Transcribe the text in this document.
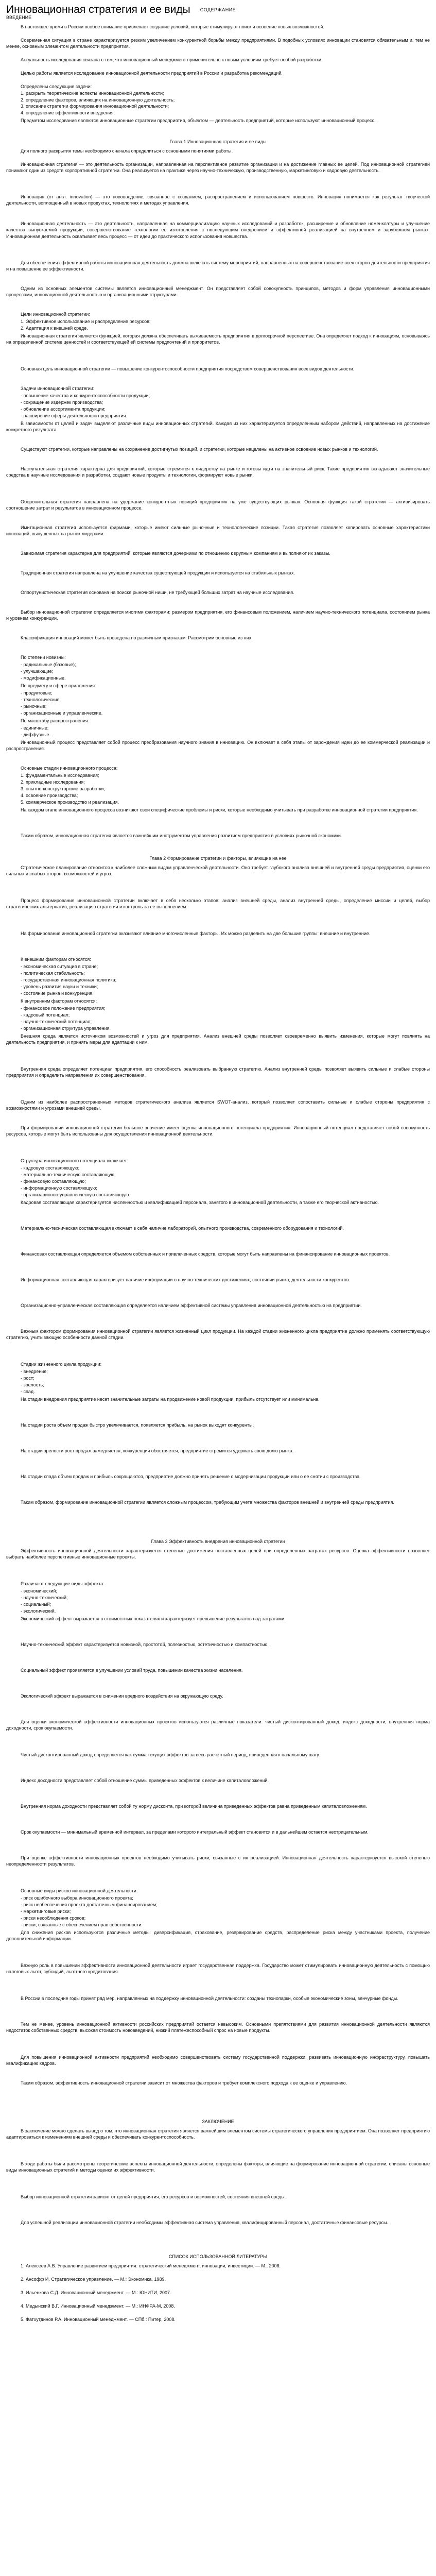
Инновационная стратегия и ее виды	СОДЕРЖАНИЕ
ВВЕДЕНИЕ
В настоящее время в России особое внимание привлекает создание условий, которые стимулируют поиск и освоение новых возможностей.
Современная ситуация в стране характеризуется резким увеличением конкурентной борьбы между предприятиями. В подобных условиях инновации становятся обязательным и, тем не менее, основным элементом деятельности предприятия.
Актуальность исследования связана с тем, что инновационный менеджмент применительно к новым условиям требует особой разработки.
Целью работы является исследование инновационной деятельности предприятий в России и разработка рекомендаций.
Определены следующие задачи:
1. раскрыть теоретические аспекты инновационной деятельности;
2. определение факторов, влияющих на инновационную деятельность;
3. описание стратегии формирования инновационной деятельности;
4. определение эффективности внедрения.
Предметом исследования являются инновационные стратегии предприятия, объектом — деятельность предприятий, которые используют инновационный процесс.
Глава 1 Инновационная стратегия и ее виды
Для полного раскрытия темы необходимо сначала определиться с основными понятиями работы.
Инновационная стратегия — это деятельность организации, направленная на перспективное развитие организации и на достижение главных ее целей. Под инновационной стратегией понимают один из средств корпоративной стратегии. Она реализуется на практике через научно-техническую, производственную, маркетинговую и кадровую деятельность.
Инновация (от англ. innovation) — это нововведение, связанное с созданием, распространением и использованием новшеств. Инновация понимается как результат творческой деятельности, воплощенный в новых продуктах, технологиях и методах управления.
Инновационная деятельность — это деятельность, направленная на коммерциализацию научных исследований и разработок, расширение и обновление номенклатуры и улучшение качества выпускаемой продукции, совершенствование технологии ее изготовления с последующим внедрением и эффективной реализацией на внутреннем и зарубежном рынках. Инновационная деятельность охватывает весь процесс — от идеи до практического использования новшества.
Для обеспечения эффективной работы инновационная деятельность должна включать систему мероприятий, направленных на совершенствование всех сторон деятельности предприятия и на повышение ее эффективности.
Одним из основных элементов системы является инновационный менеджмент. Он представляет собой совокупность принципов, методов и форм управления инновационными процессами, инновационной деятельностью и организационными структурами.
Цели инновационной стратегии:
1. Эффективное использование и распределение ресурсов;
2. Адаптация к внешней среде.
Инновационная стратегия является функцией, которая должна обеспечивать выживаемость предприятия в долгосрочной перспективе. Она определяет подход к инновациям, основываясь на определенной системе ценностей и соответствующей ей системы предпочтений и приоритетов.
Основная цель инновационной стратегии — повышение конкурентоспособности предприятия посредством совершенствования всех видов деятельности.
Задачи инновационной стратегии:
- повышение качества и конкурентоспособности продукции;
- сокращение издержек производства;
- обновление ассортимента продукции;
- расширение сферы деятельности предприятия.
В зависимости от целей и задач выделяют различные виды инновационных стратегий. Каждая из них характеризуется определенным набором действий, направленных на достижение конкретного результата.
Существуют стратегии, которые направлены на сохранение достигнутых позиций, и стратегии, которые нацелены на активное освоение новых рынков и технологий.
Наступательная стратегия характерна для предприятий, которые стремятся к лидерству на рынке и готовы идти на значительный риск. Такие предприятия вкладывают значительные средства в научные исследования и разработки, создают новые продукты и технологии, формируют новые рынки.
Оборонительная стратегия направлена на удержание конкурентных позиций предприятия на уже существующих рынках. Основная функция такой стратегии — активизировать соотношение затрат и результатов в инновационном процессе.
Имитационная стратегия используется фирмами, которые имеют сильные рыночные и технологические позиции. Такая стратегия позволяет копировать основные характеристики инноваций, выпущенных на рынок лидерами.
Зависимая стратегия характерна для предприятий, которые являются дочерними по отношению к крупным компаниям и выполняют их заказы.
Традиционная стратегия направлена на улучшение качества существующей продукции и используется на стабильных рынках.
Оппортунистическая стратегия основана на поиске рыночной ниши, не требующей больших затрат на научные исследования.
Выбор инновационной стратегии определяется многими факторами: размером предприятия, его финансовым положением, наличием научно-технического потенциала, состоянием рынка и уровнем конкуренции.
Классификация инноваций может быть проведена по различным признакам. Рассмотрим основные из них.
По степени новизны:
- радикальные (базовые);
- улучшающие;
- модификационные.
По предмету и сфере приложения:
- продуктовые;
- технологические;
- рыночные;
- организационные и управленческие.
По масштабу распространения:
- единичные;
- диффузные.
Инновационный процесс представляет собой процесс преобразования научного знания в инновацию. Он включает в себя этапы от зарождения идеи до ее коммерческой реализации и распространения.
Основные стадии инновационного процесса:
1. фундаментальные исследования;
2. прикладные исследования;
3. опытно-конструкторские разработки;
4. освоение производства;
5. коммерческое производство и реализация.
На каждом этапе инновационного процесса возникают свои специфические проблемы и риски, которые необходимо учитывать при разработке инновационной стратегии предприятия.
Таким образом, инновационная стратегия является важнейшим инструментом управления развитием предприятия в условиях рыночной экономики.
Глава 2 Формирование стратегии и факторы, влияющие на нее
Стратегическое планирование относится к наиболее сложным видам управленческой деятельности. Оно требует глубокого анализа внешней и внутренней среды предприятия, оценки его сильных и слабых сторон, возможностей и угроз.
Процесс формирования инновационной стратегии включает в себя несколько этапов: анализ внешней среды, анализ внутренней среды, определение миссии и целей, выбор стратегических альтернатив, реализацию стратегии и контроль за ее выполнением.
На формирование инновационной стратегии оказывают влияние многочисленные факторы. Их можно разделить на две большие группы: внешние и внутренние.
К внешним факторам относятся:
- экономическая ситуация в стране;
- политическая стабильность;
- государственная инновационная политика;
- уровень развития науки и техники;
- состояние рынка и конкуренция.
К внутренним факторам относятся:
- финансовое положение предприятия;
- кадровый потенциал;
- научно-технический потенциал;
- организационная структура управления.
Внешняя среда является источником возможностей и угроз для предприятия. Анализ внешней среды позволяет своевременно выявить изменения, которые могут повлиять на деятельность предприятия, и принять меры для адаптации к ним.
Внутренняя среда определяет потенциал предприятия, его способность реализовать выбранную стратегию. Анализ внутренней среды позволяет выявить сильные и слабые стороны предприятия и определить направления их совершенствования.
Одним из наиболее распространенных методов стратегического анализа является SWOT-анализ, который позволяет сопоставить сильные и слабые стороны предприятия с возможностями и угрозами внешней среды.
При формировании инновационной стратегии большое значение имеет оценка инновационного потенциала предприятия. Инновационный потенциал представляет собой совокупность ресурсов, которые могут быть использованы для осуществления инновационной деятельности.
Структура инновационного потенциала включает:
- кадровую составляющую;
- материально-техническую составляющую;
- финансовую составляющую;
- информационную составляющую;
- организационно-управленческую составляющую.
Кадровая составляющая характеризуется численностью и квалификацией персонала, занятого в инновационной деятельности, а также его творческой активностью.
Материально-техническая составляющая включает в себя наличие лабораторий, опытного производства, современного оборудования и технологий.
Финансовая составляющая определяется объемом собственных и привлеченных средств, которые могут быть направлены на финансирование инновационных проектов.
Информационная составляющая характеризует наличие информации о научно-технических достижениях, состоянии рынка, деятельности конкурентов.
Организационно-управленческая составляющая определяется наличием эффективной системы управления инновационной деятельностью на предприятии.
Важным фактором формирования инновационной стратегии является жизненный цикл продукции. На каждой стадии жизненного цикла предприятие должно применять соответствующую стратегию, учитывающую особенности данной стадии.
Стадии жизненного цикла продукции:
- внедрение;
- рост;
- зрелость;
- спад.
На стадии внедрения предприятие несет значительные затраты на продвижение новой продукции, прибыль отсутствует или минимальна.
На стадии роста объем продаж быстро увеличивается, появляется прибыль, на рынок выходят конкуренты.
На стадии зрелости рост продаж замедляется, конкуренция обостряется, предприятие стремится удержать свою долю рынка.
На стадии спада объем продаж и прибыль сокращаются, предприятие должно принять решение о модернизации продукции или о ее снятии с производства.
Таким образом, формирование инновационной стратегии является сложным процессом, требующим учета множества факторов внешней и внутренней среды предприятия.
Глава 3 Эффективность внедрения инновационной стратегии
Эффективность инновационной деятельности характеризуется степенью достижения поставленных целей при определенных затратах ресурсов. Оценка эффективности позволяет выбрать наиболее перспективные инновационные проекты.
Различают следующие виды эффекта:
- экономический;
- научно-технический;
- социальный;
- экологический.
Экономический эффект выражается в стоимостных показателях и характеризует превышение результатов над затратами.
Научно-технический эффект характеризуется новизной, простотой, полезностью, эстетичностью и компактностью.
Социальный эффект проявляется в улучшении условий труда, повышении качества жизни населения.
Экологический эффект выражается в снижении вредного воздействия на окружающую среду.
Для оценки экономической эффективности инновационных проектов используются различные показатели: чистый дисконтированный доход, индекс доходности, внутренняя норма доходности, срок окупаемости.
Чистый дисконтированный доход определяется как сумма текущих эффектов за весь расчетный период, приведенная к начальному шагу.
Индекс доходности представляет собой отношение суммы приведенных эффектов к величине капиталовложений.
Внутренняя норма доходности представляет собой ту норму дисконта, при которой величина приведенных эффектов равна приведенным капиталовложениям.
Срок окупаемости — минимальный временной интервал, за пределами которого интегральный эффект становится и в дальнейшем остается неотрицательным.
При оценке эффективности инновационных проектов необходимо учитывать риски, связанные с их реализацией. Инновационная деятельность характеризуется высокой степенью неопределенности результатов.
Основные виды рисков инновационной деятельности:
- риск ошибочного выбора инновационного проекта;
- риск необеспечения проекта достаточным финансированием;
- маркетинговые риски;
- риски несоблюдения сроков;
- риски, связанные с обеспечением прав собственности.
Для снижения рисков используются различные методы: диверсификация, страхование, резервирование средств, распределение риска между участниками проекта, получение дополнительной информации.
Важную роль в повышении эффективности инновационной деятельности играет государственная поддержка. Государство может стимулировать инновационную деятельность с помощью налоговых льгот, субсидий, льготного кредитования.
В России в последние годы принят ряд мер, направленных на поддержку инновационной деятельности: созданы технопарки, особые экономические зоны, венчурные фонды.
Тем не менее, уровень инновационной активности российских предприятий остается невысоким. Основными препятствиями для развития инновационной деятельности являются недостаток собственных средств, высокая стоимость нововведений, низкий платежеспособный спрос на новые продукты.
Для повышения инновационной активности предприятий необходимо совершенствовать систему государственной поддержки, развивать инновационную инфраструктуру, повышать квалификацию кадров.
Таким образом, эффективность инновационной стратегии зависит от множества факторов и требует комплексного подхода к ее оценке и управлению.
ЗАКЛЮЧЕНИЕ
В заключение можно сделать вывод о том, что инновационная стратегия является важнейшим элементом системы стратегического управления предприятием. Она позволяет предприятию адаптироваться к изменениям внешней среды и обеспечивать конкурентоспособность.
В ходе работы были рассмотрены теоретические аспекты инновационной деятельности, определены факторы, влияющие на формирование инновационной стратегии, описаны основные виды инновационных стратегий и методы оценки их эффективности.
Выбор инновационной стратегии зависит от целей предприятия, его ресурсов и возможностей, состояния внешней среды.
Для успешной реализации инновационной стратегии необходимы эффективная система управления, квалифицированный персонал, достаточные финансовые ресурсы.
СПИСОК ИСПОЛЬЗОВАННОЙ ЛИТЕРАТУРЫ
1. Алексеев А.В. Управление развитием предприятия: стратегический менеджмент, инновации, инвестиции. — М., 2008.
2. Ансофф И. Стратегическое управление. — М.: Экономика, 1989.
3. Ильенкова С.Д. Инновационный менеджмент. — М.: ЮНИТИ, 2007.
4. Медынский В.Г. Инновационный менеджмент. — М.: ИНФРА-М, 2008.
5. Фатхутдинов Р.А. Инновационный менеджмент. — СПб.: Питер, 2008.
